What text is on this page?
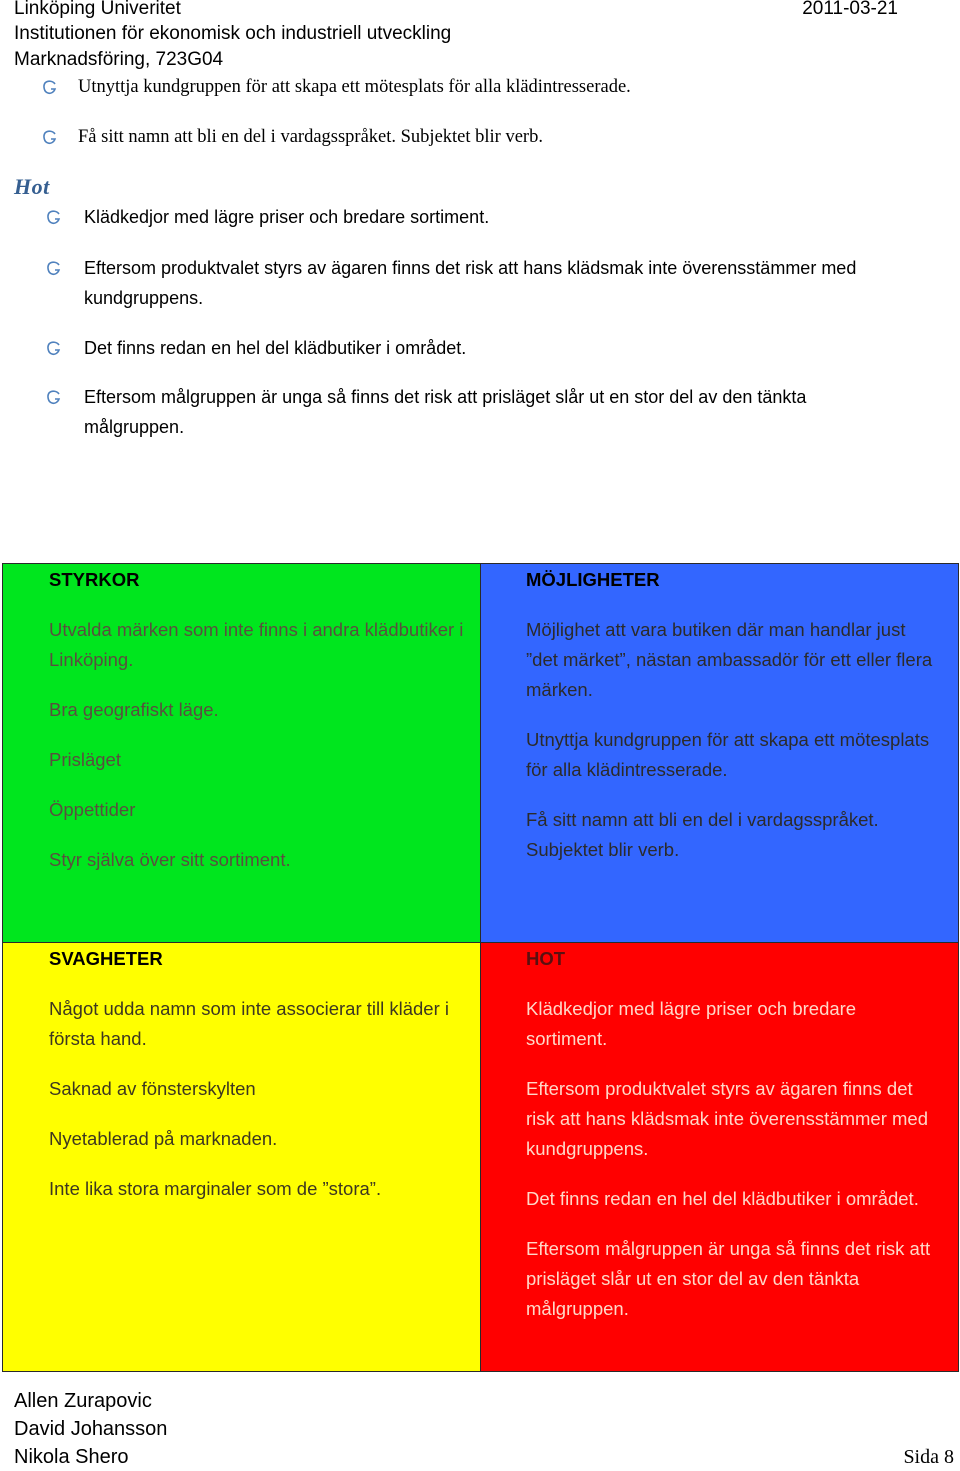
Linköping Univeritet	2011-03-21
Institutionen för ekonomisk och industriell utveckling
Marknadsföring, 723G04
Utnyttja kundgruppen för att skapa ett mötesplats för alla klädintresserade.
Få sitt namn att bli en del i vardagsspråket. Subjektet blir verb.
Hot
Klädkedjor med lägre priser och bredare sortiment.
Eftersom produktvalet styrs av ägaren finns det risk att hans klädsmak inte överensstämmer med kundgruppens.
Det finns redan en hel del klädbutiker i området.
Eftersom målgruppen är unga så finns det risk att prisläget slår ut en stor del av den tänkta målgruppen.
STYRKOR
Utvalda märken som inte finns i andra klädbutiker i Linköping.
Bra geografiskt läge.
Prisläget
Öppettider
Styr själva över sitt sortiment.
MÖJLIGHETER
Möjlighet att vara butiken där man handlar just ”det märket”, nästan ambassadör för ett eller flera märken.
Utnyttja kundgruppen för att skapa ett mötesplats för alla klädintresserade.
Få sitt namn att bli en del i vardagsspråket. Subjektet blir verb.
SVAGHETER
Något udda namn som inte associerar till kläder i första hand.
Saknad av fönsterskylten
Nyetablerad på marknaden.
Inte lika stora marginaler som de ”stora”.
HOT
Klädkedjor med lägre priser och bredare sortiment.
Eftersom produktvalet styrs av ägaren finns det risk att hans klädsmak inte överensstämmer med kundgruppens.
Det finns redan en hel del klädbutiker i området.
Eftersom målgruppen är unga så finns det risk att prisläget slår ut en stor del av den tänkta målgruppen.
Allen Zurapovic
David Johansson
Nikola Shero	Sida 8
